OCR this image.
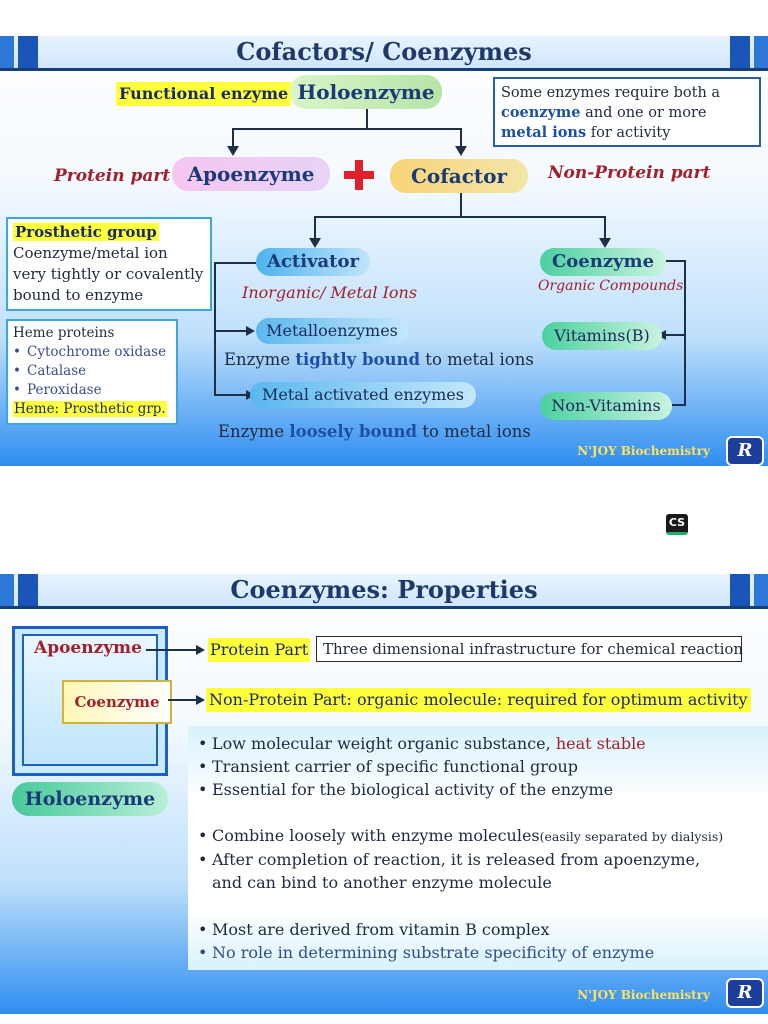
Cofactors/ Coenzymes
Functional enzyme Holoenzyme	Some enzymes require both a coenzyme and one or more metal ions for activity
Protein part Apoenzyme	Cofactor	Non-Protein part
Prosthetic group
Coenzyme/metal ion
very tightly or covalently
bound to enzyme
Heme proteins
• Cytochrome oxidase
• Catalase
• Peroxidase
Heme: Prosthetic grp.
Activator
Inorganic/ Metal Ions
Metalloenzymes
Enzyme tightly bound to metal ions
Metal activated enzymes
Enzyme loosely bound to metal ions
Coenzyme
Organic Compounds
Vitamins(B)
Non-Vitamins
N'JOY Biochemistry	R
CS
Coenzymes: Properties
Apoenzyme
Coenzyme
Holoenzyme
Protein Part Three dimensional infrastructure for chemical reaction
Non-Protein Part: organic molecule: required for optimum activity
• Low molecular weight organic substance, heat stable
• Transient carrier of specific functional group
• Essential for the biological activity of the enzyme
• Combine loosely with enzyme molecules(easily separated by dialysis)
• After completion of reaction, it is released from apoenzyme, and can bind to another enzyme molecule
• Most are derived from vitamin B complex
• No role in determining substrate specificity of enzyme
N'JOY Biochemistry	R
